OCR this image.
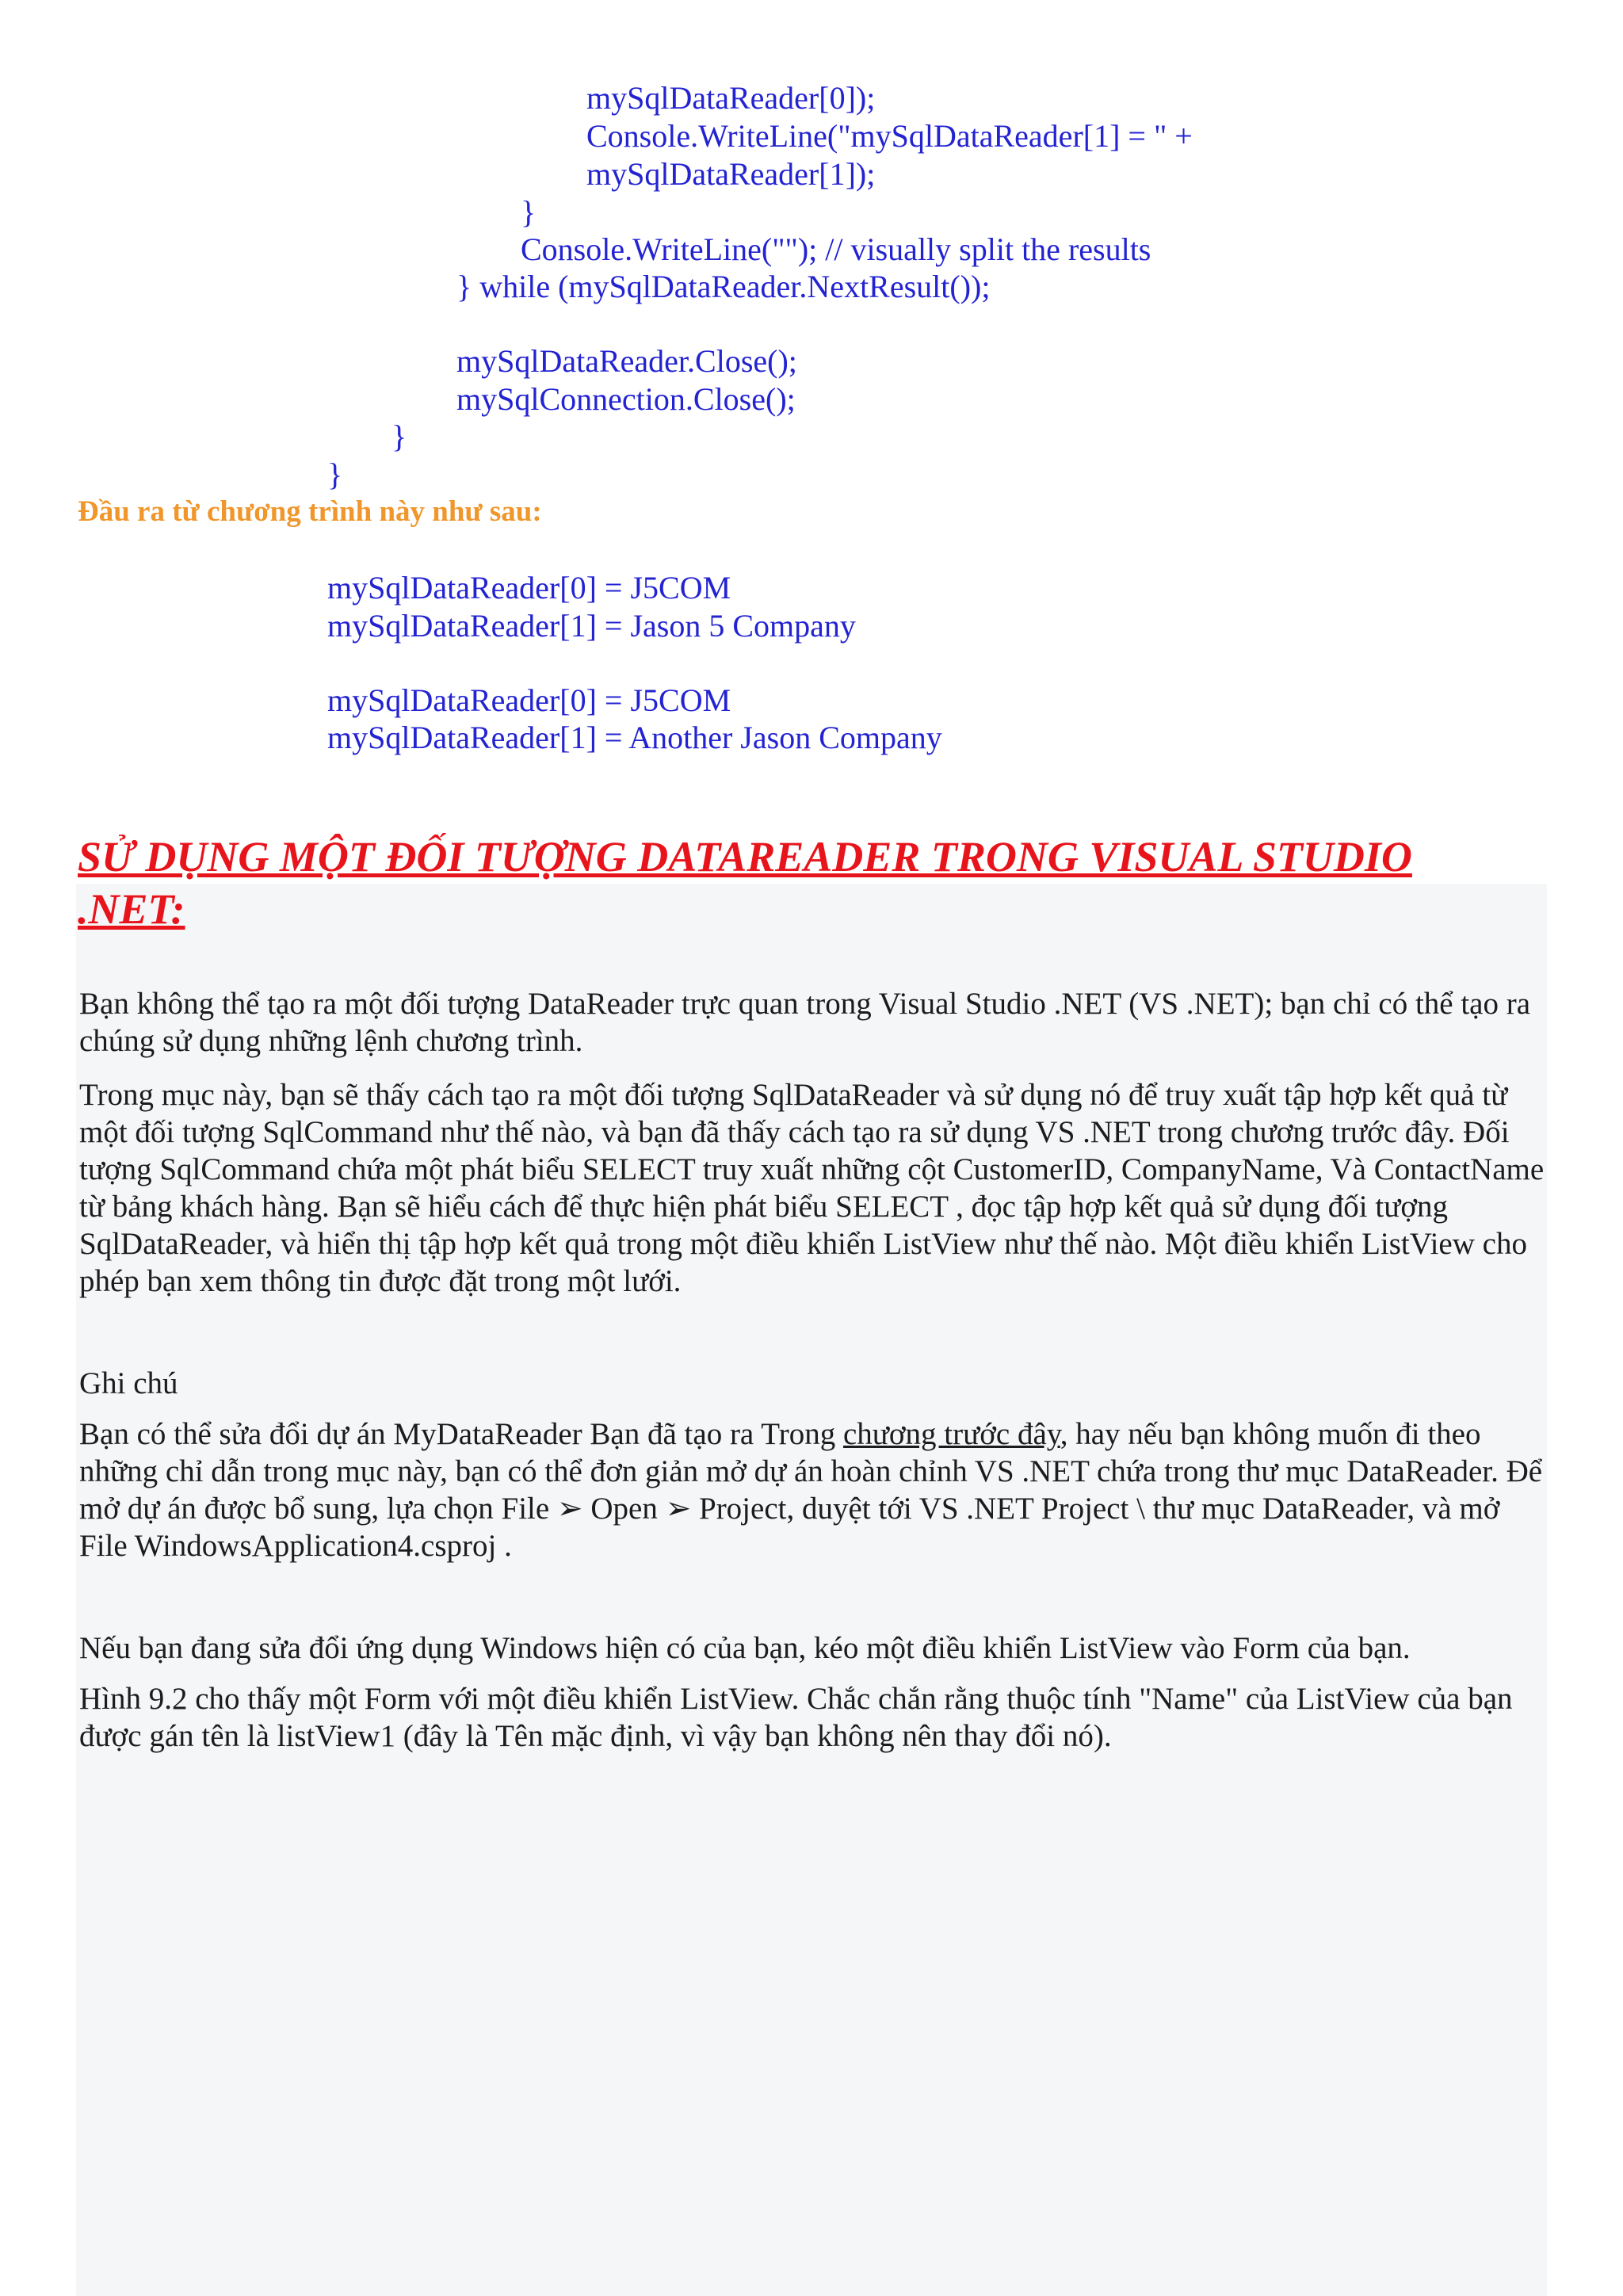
mySqlDataReader[0]);
Console.WriteLine("mySqlDataReader[1] = " +
mySqlDataReader[1]);
}
Console.WriteLine(""); // visually split the results
} while (mySqlDataReader.NextResult());
mySqlDataReader.Close();
mySqlConnection.Close();
}
}
Đầu ra từ chương trình này như sau:
mySqlDataReader[0] = J5COM
mySqlDataReader[1] = Jason 5 Company
mySqlDataReader[0] = J5COM
mySqlDataReader[1] = Another Jason Company
SỬ DỤNG MỘT ĐỐI TƯỢNG DATAREADER TRONG VISUAL STUDIO .NET:

Bạn không thể tạo ra một đối tượng DataReader trực quan trong Visual Studio .NET (VS .NET); bạn chỉ có thể tạo ra chúng sử dụng những lệnh chương trình.

Trong mục này, bạn sẽ thấy cách tạo ra một đối tượng SqlDataReader và sử dụng nó để truy xuất tập hợp kết quả từ một đối tượng SqlCommand như thế nào, và bạn đã thấy cách tạo ra sử dụng VS .NET trong chương trước đây. Đối tượng SqlCommand chứa một phát biểu SELECT truy xuất những cột CustomerID, CompanyName, Và ContactName từ bảng khách hàng. Bạn sẽ hiểu cách để thực hiện phát biểu SELECT , đọc tập hợp kết quả sử dụng đối tượng SqlDataReader, và hiển thị tập hợp kết quả trong một điều khiển ListView như thế nào. Một điều khiển ListView cho phép bạn xem thông tin được đặt trong một lưới.

Ghi chú

Bạn có thể sửa đổi dự án MyDataReader Bạn đã tạo ra Trong chương trước đây, hay nếu bạn không muốn đi theo những chỉ dẫn trong mục này, bạn có thể đơn giản mở dự án hoàn chỉnh VS .NET chứa trong thư mục DataReader. Để mở dự án được bổ sung, lựa chọn File ➢ Open ➢ Project, duyệt tới VS .NET Project \ thư mục DataReader, và mở File WindowsApplication4.csproj .

Nếu bạn đang sửa đổi ứng dụng Windows hiện có của bạn, kéo một điều khiển ListView vào Form của bạn.

Hình 9.2 cho thấy một Form với một điều khiển ListView. Chắc chắn rằng thuộc tính "Name" của ListView của bạn được gán tên là listView1 (đây là Tên mặc định, vì vậy bạn không nên thay đổi nó).
